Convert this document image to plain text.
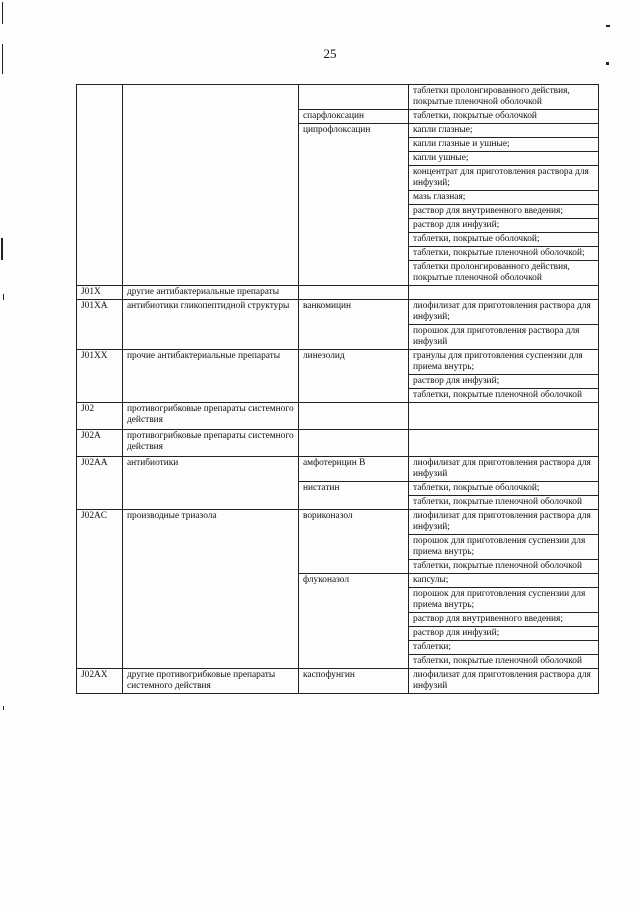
25
			таблетки пролонгированного действия, покрытые пленочной оболочкой
		спарфлоксацин	таблетки, покрытые оболочкой
		ципрофлоксацин	капли глазные;
			капли глазные и ушные;
			капли ушные;
			концентрат для приготовления раствора для инфузий;
			мазь глазная;
			раствор для внутривенного введения;
			раствор для инфузий;
			таблетки, покрытые оболочкой;
			таблетки, покрытые пленочной оболочкой;
			таблетки пролонгированного действия, покрытые пленочной оболочкой
J01X	другие антибактериальные препараты		
J01XA	антибиотики гликопептидной структуры	ванкомицин	лиофилизат для приготовления раствора для инфузий;
			порошок для приготовления раствора для инфузий
J01XX	прочие антибактериальные препараты	линезолид	гранулы для приготовления суспензии для приема внутрь;
			раствор для инфузий;
			таблетки, покрытые пленочной оболочкой
J02	противогрибковые препараты системного действия		
J02A	противогрибковые препараты системного действия		
J02AA	антибиотики	амфотерицин В	лиофилизат для приготовления раствора для инфузий
		нистатин	таблетки, покрытые оболочкой;
			таблетки, покрытые пленочной оболочкой
J02AC	производные триазола	вориконазол	лиофилизат для приготовления раствора для инфузий;
			порошок для приготовления суспензии для приема внутрь;
			таблетки, покрытые пленочной оболочкой
		флуконазол	капсулы;
			порошок для приготовления суспензии для приема внутрь;
			раствор для внутривенного введения;
			раствор для инфузий;
			таблетки;
			таблетки, покрытые пленочной оболочкой
J02AX	другие противогрибковые препараты системного действия	каспофунгин	лиофилизат для приготовления раствора для инфузий
